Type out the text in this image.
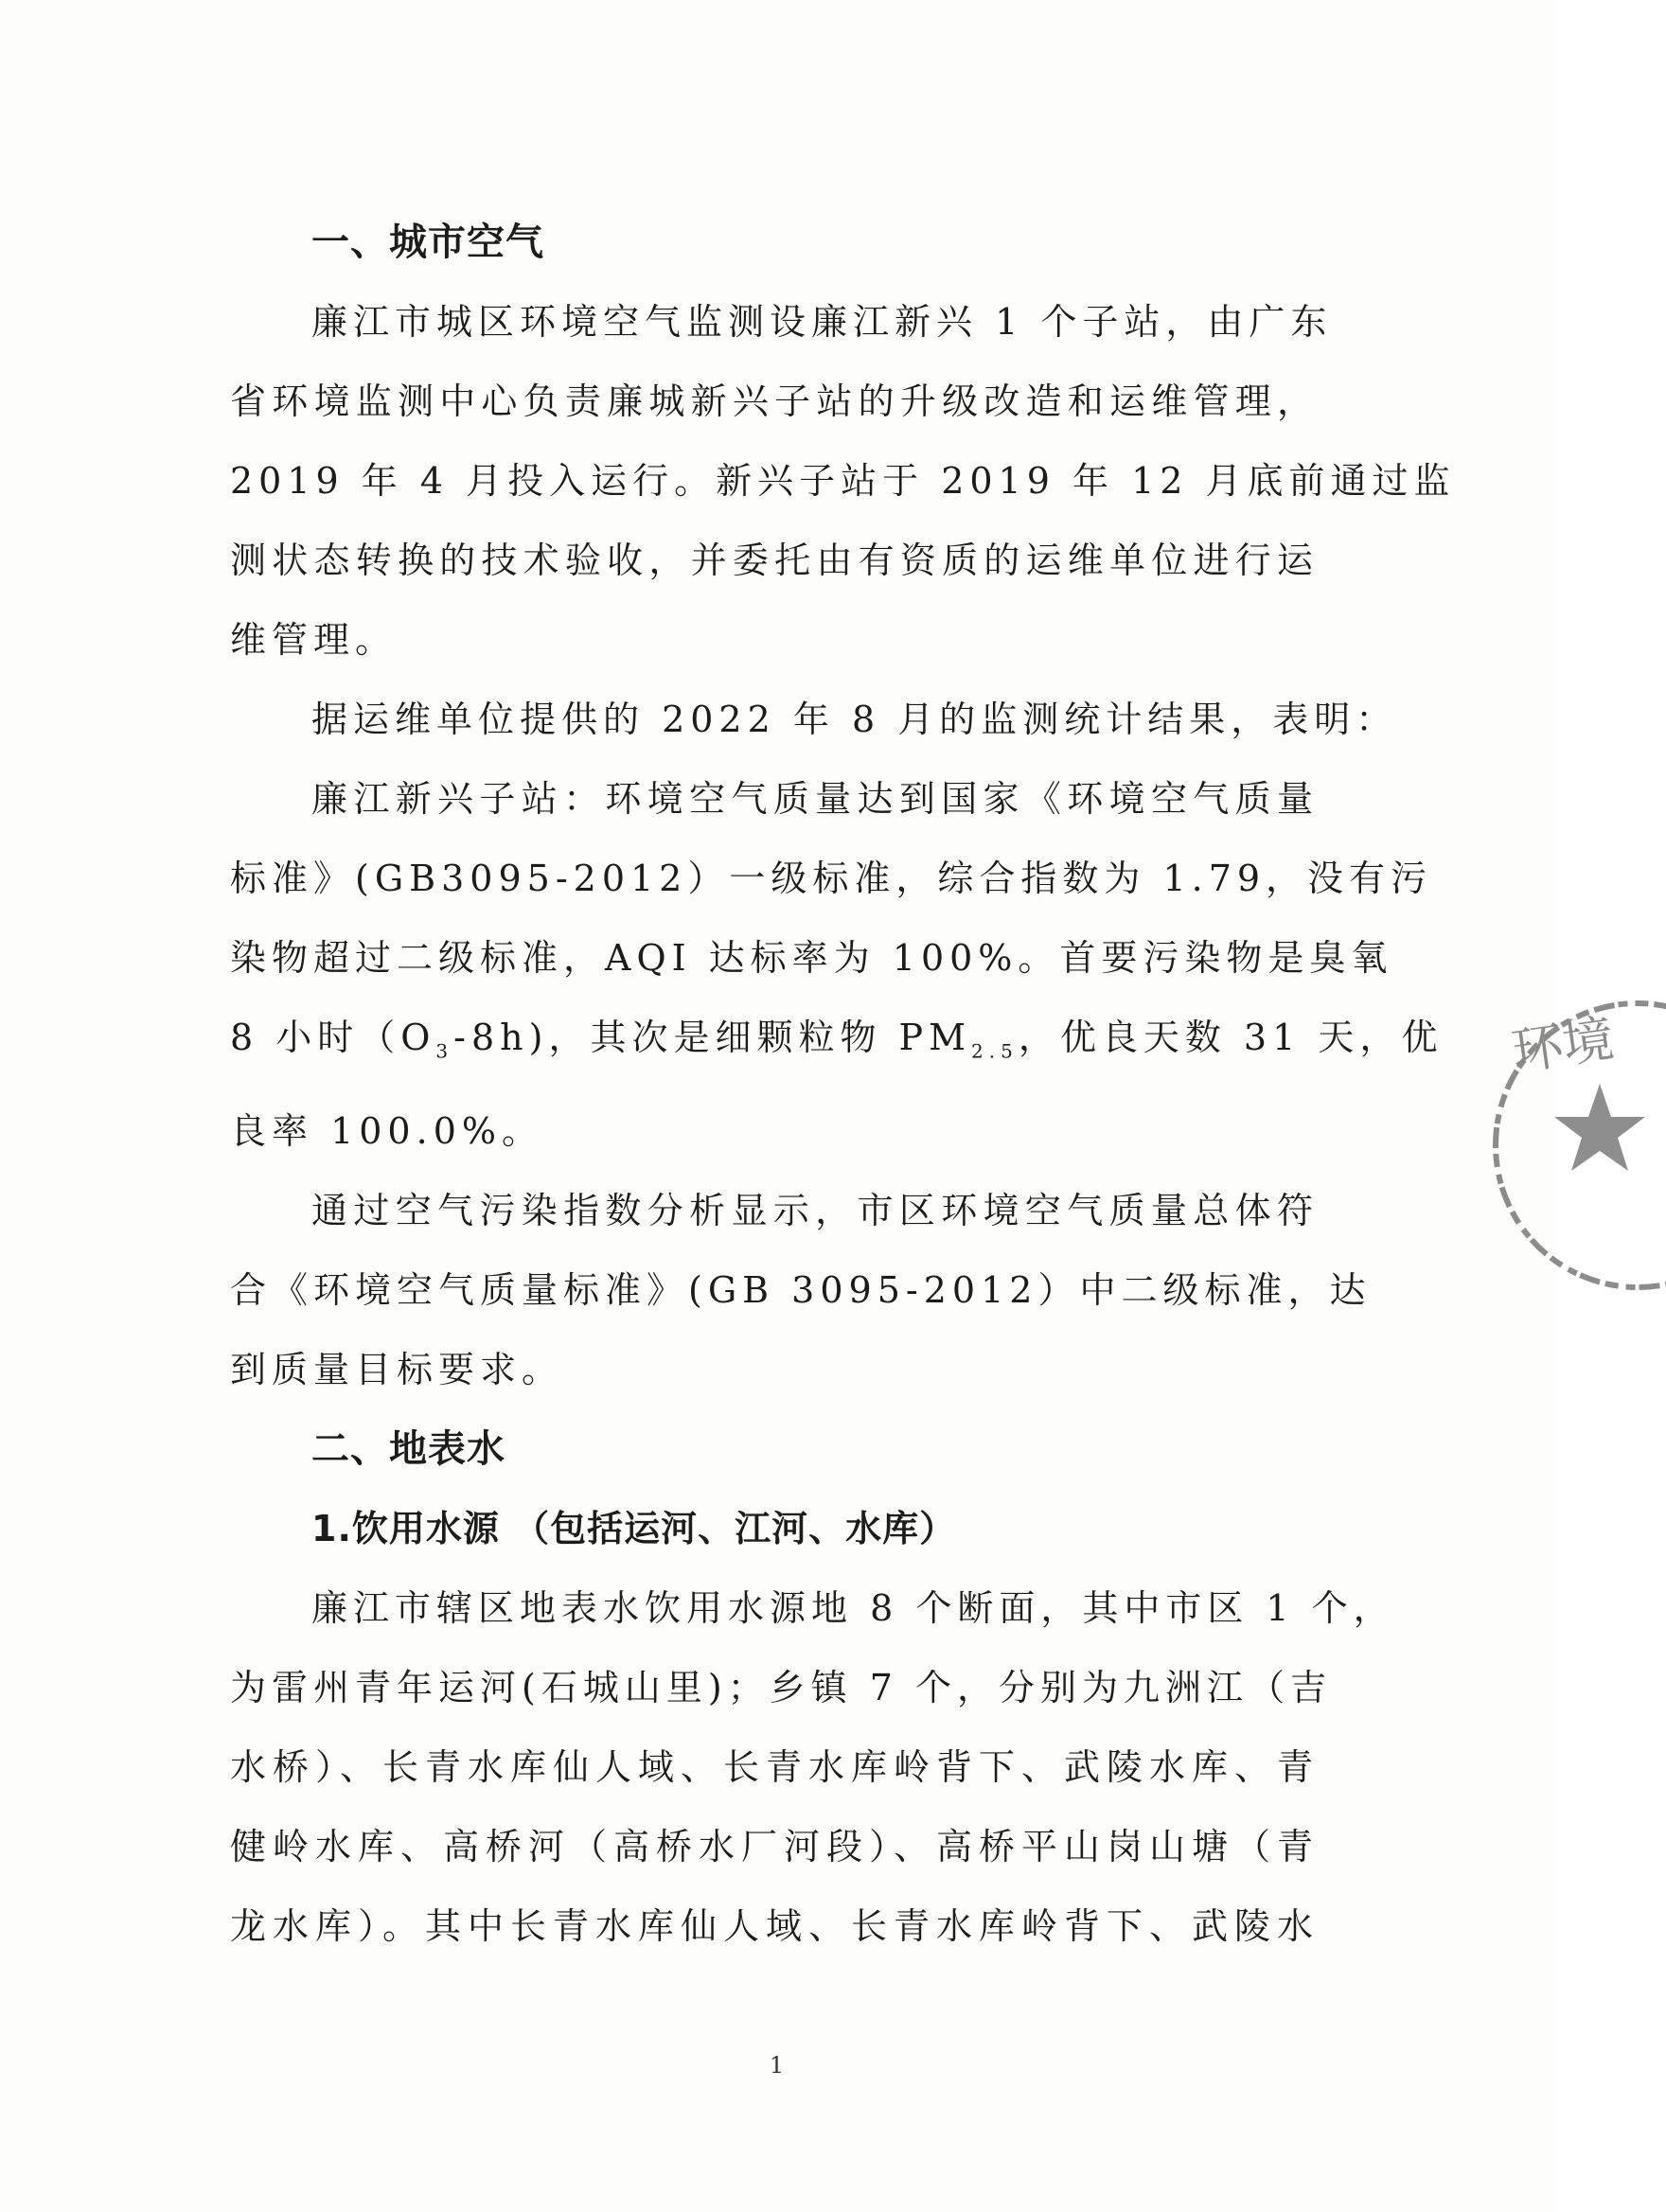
一、城市空气

廉江市城区环境空气监测设廉江新兴 1 个子站，由广东
省环境监测中心负责廉城新兴子站的升级改造和运维管理，
2019 年 4 月投入运行。新兴子站于 2019 年 12 月底前通过监
测状态转换的技术验收，并委托由有资质的运维单位进行运
维管理。

据运维单位提供的 2022 年 8 月的监测统计结果，表明：

廉江新兴子站：环境空气质量达到国家《环境空气质量
标准》(GB3095-2012）一级标准，综合指数为 1.79，没有污
染物超过二级标准，AQI 达标率为 100%。首要污染物是臭氧
8 小时$(O_3-8h)$，其次是细颗粒物 $PM_{2.5}$，优良天数 31 天，优
良率 100.0%。

通过空气污染指数分析显示，市区环境空气质量总体符
合《环境空气质量标准》(GB 3095-2012）中二级标准，达
到质量目标要求。

二、地表水
1.饮用水源 （包括运河、江河、水库）

廉江市辖区地表水饮用水源地 8 个断面，其中市区 1 个，
为雷州青年运河(石城山里)；乡镇 7 个，分别为九洲江（吉
水桥）、长青水库仙人域、长青水库岭背下、武陵水库、青
健岭水库、高桥河（高桥水厂河段）、高桥平山岗山塘（青
龙水库）。其中长青水库仙人域、长青水库岭背下、武陵水

环境
1
